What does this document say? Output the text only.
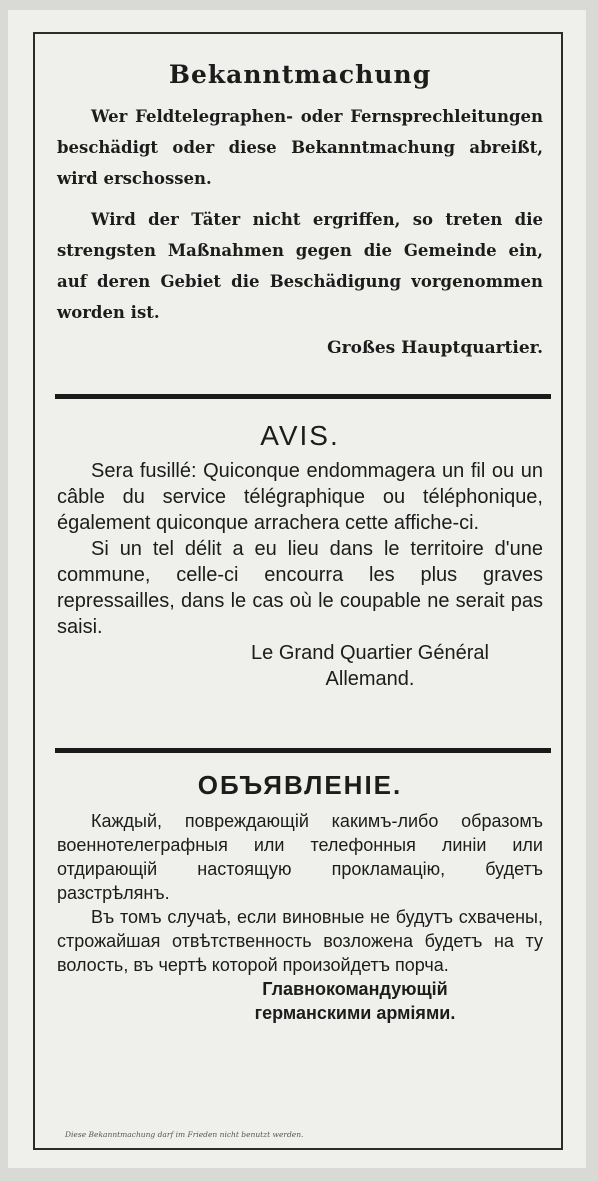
Bekanntmachung

Wer Feldtelegraphen- oder Fernsprechleitungen beschädigt oder diese Bekanntmachung abreißt, wird erschossen.

Wird der Täter nicht ergriffen, so treten die strengsten Maßnahmen gegen die Gemeinde ein, auf deren Gebiet die Beschädigung vorgenommen worden ist.

Großes Hauptquartier.
AVIS.

Sera fusillé: Quiconque endommagera un fil ou un câble du service télégraphique ou téléphonique, également quiconque arrachera cette affiche-ci.

Si un tel délit a eu lieu dans le territoire d'une commune, celle-ci encourra les plus graves repressailles, dans le cas où le coupable ne serait pas saisi.

Le Grand Quartier Général
Allemand.
ОБЪЯВЛЕНІЕ.

Каждый, повреждающій какимъ-либо образомъ военнотелеграфныя или телефонныя линіи или отдирающій настоящую прокламацію, будетъ разстрѣлянъ.

Въ томъ случаѣ, если виновные не будутъ схвачены, строжайшая отвѣтственность возложена будетъ на ту волость, въ чертѣ которой произойдетъ порча.

Главнокомандующій
германскими арміями.
Diese Bekanntmachung darf im Frieden nicht benutzt werden.
